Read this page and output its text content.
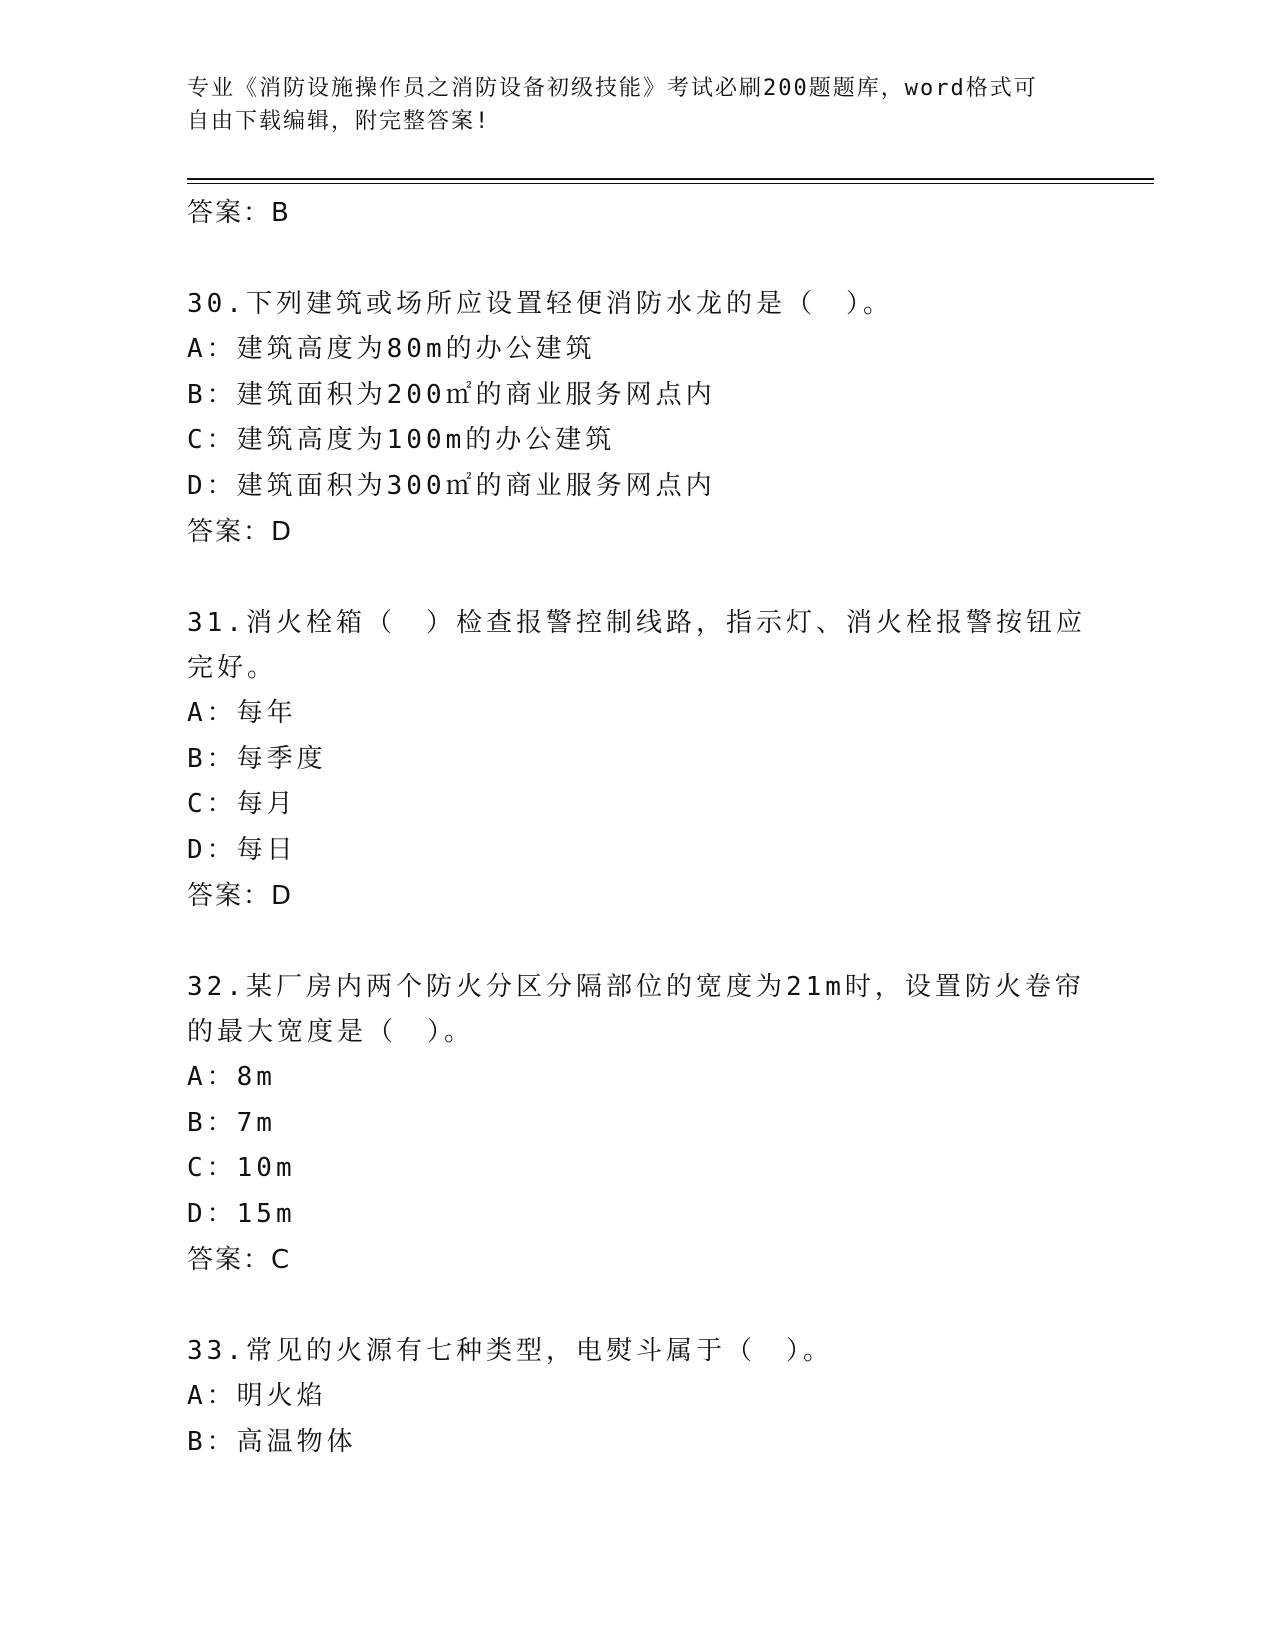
专业《消防设施操作员之消防设备初级技能》考试必刷200题题库，word格式可
自由下载编辑，附完整答案!

答案：B

30.下列建筑或场所应设置轻便消防水龙的是（　）。

A：建筑高度为80m的办公建筑

B：建筑面积为200㎡的商业服务网点内

C：建筑高度为100m的办公建筑

D：建筑面积为300㎡的商业服务网点内

答案：D

31.消火栓箱（　）检查报警控制线路，指示灯、消火栓报警按钮应完好。

A：每年

B：每季度

C：每月

D：每日

答案：D

32.某厂房内两个防火分区分隔部位的宽度为21m时，设置防火卷帘的最大宽度是（　）。

A：8m

B：7m

C：10m

D：15m

答案：C

33.常见的火源有七种类型，电熨斗属于（　）。

A：明火焰

B：高温物体
